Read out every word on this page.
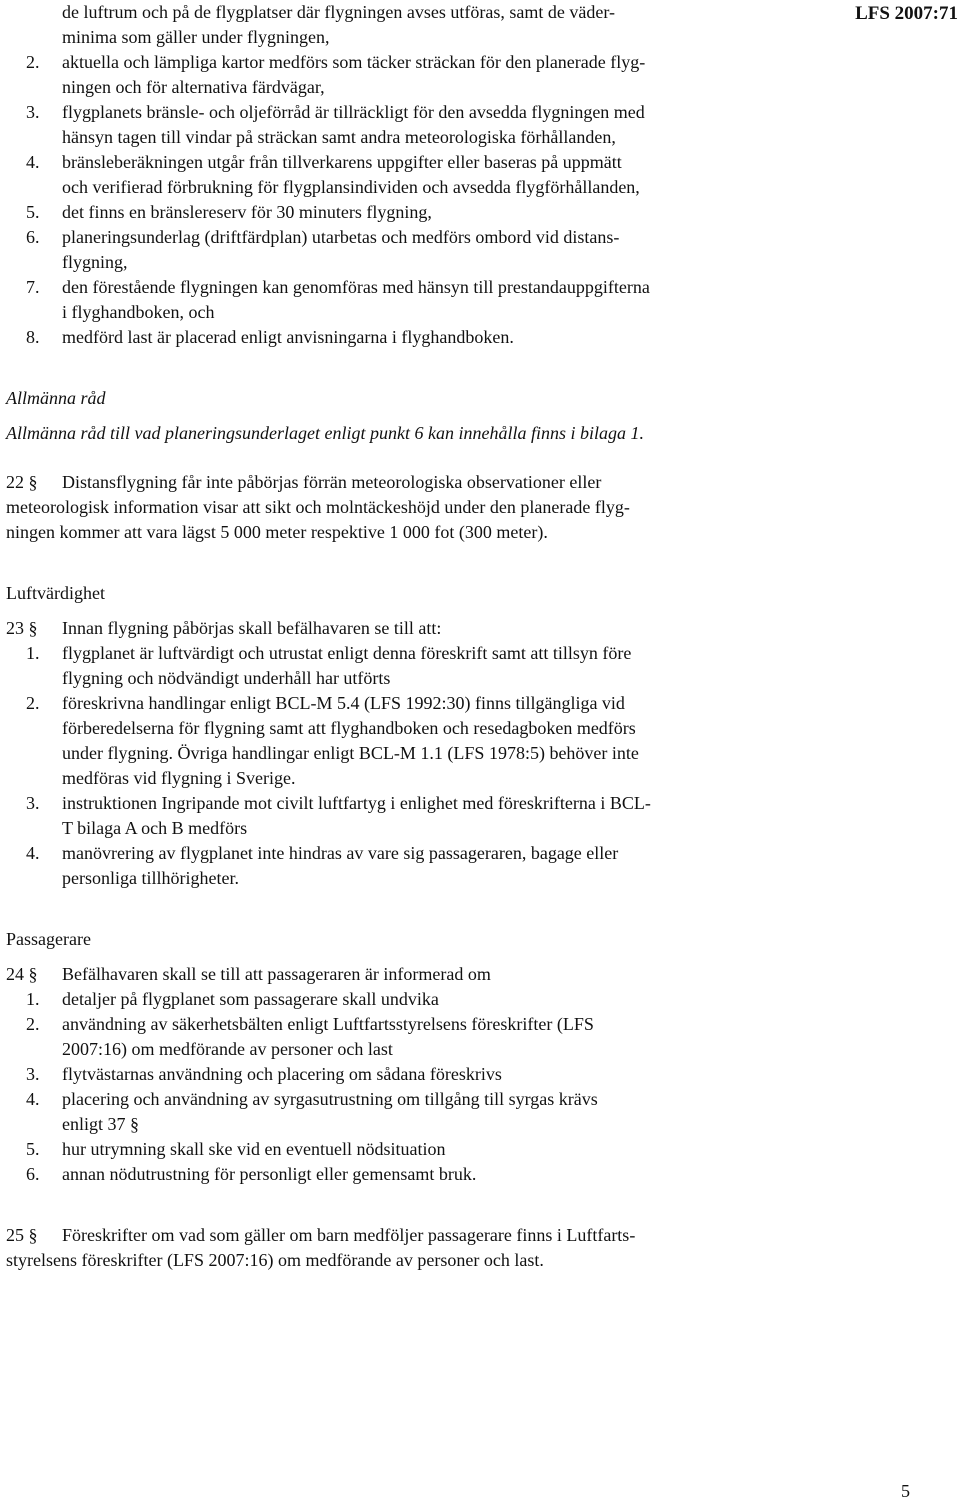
LFS 2007:71

de luftrum och på de flygplatser där flygningen avses utföras, samt de väder-

minima som gäller under flygningen,

2. aktuella och lämpliga kartor medförs som täcker sträckan för den planerade flyg-

ningen och för alternativa färdvägar,

3. flygplanets bränsle- och oljeförråd är tillräckligt för den avsedda flygningen med

hänsyn tagen till vindar på sträckan samt andra meteorologiska förhållanden,

4. bränsleberäkningen utgår från tillverkarens uppgifter eller baseras på uppmätt

och verifierad förbrukning för flygplansindividen och avsedda flygförhållanden,

5. det finns en bränslereserv för 30 minuters flygning,

6. planeringsunderlag (driftfärdplan) utarbetas och medförs ombord vid distans-

flygning,

7. den förestående flygningen kan genomföras med hänsyn till prestandauppgifterna

i flyghandboken, och

8. medförd last är placerad enligt anvisningarna i flyghandboken.

Allmänna råd

Allmänna råd till vad planeringsunderlaget enligt punkt 6 kan innehålla finns i bilaga 1.

22 § Distansflygning får inte påbörjas förrän meteorologiska observationer eller

meteorologisk information visar att sikt och molntäckeshöjd under den planerade flyg-

ningen kommer att vara lägst 5 000 meter respektive 1 000 fot (300 meter).

Luftvärdighet

23 § Innan flygning påbörjas skall befälhavaren se till att:

1. flygplanet är luftvärdigt och utrustat enligt denna föreskrift samt att tillsyn före

flygning och nödvändigt underhåll har utförts

2. föreskrivna handlingar enligt BCL-M 5.4 (LFS 1992:30) finns tillgängliga vid

förberedelserna för flygning samt att flyghandboken och resedagboken medförs

under flygning. Övriga handlingar enligt BCL-M 1.1 (LFS 1978:5) behöver inte

medföras vid flygning i Sverige.

3. instruktionen Ingripande mot civilt luftfartyg i enlighet med föreskrifterna i BCL-

T bilaga A och B medförs

4. manövrering av flygplanet inte hindras av vare sig passageraren, bagage eller

personliga tillhörigheter.

Passagerare

24 § Befälhavaren skall se till att passageraren är informerad om

1. detaljer på flygplanet som passagerare skall undvika

2. användning av säkerhetsbälten enligt Luftfartsstyrelsens föreskrifter (LFS

2007:16) om medförande av personer och last

3. flytvästarnas användning och placering om sådana föreskrivs

4. placering och användning av syrgasutrustning om tillgång till syrgas krävs

enligt 37 §

5. hur utrymning skall ske vid en eventuell nödsituation

6. annan nödutrustning för personligt eller gemensamt bruk.

25 § Föreskrifter om vad som gäller om barn medföljer passagerare finns i Luftfarts-

styrelsens föreskrifter (LFS 2007:16) om medförande av personer och last.

5
